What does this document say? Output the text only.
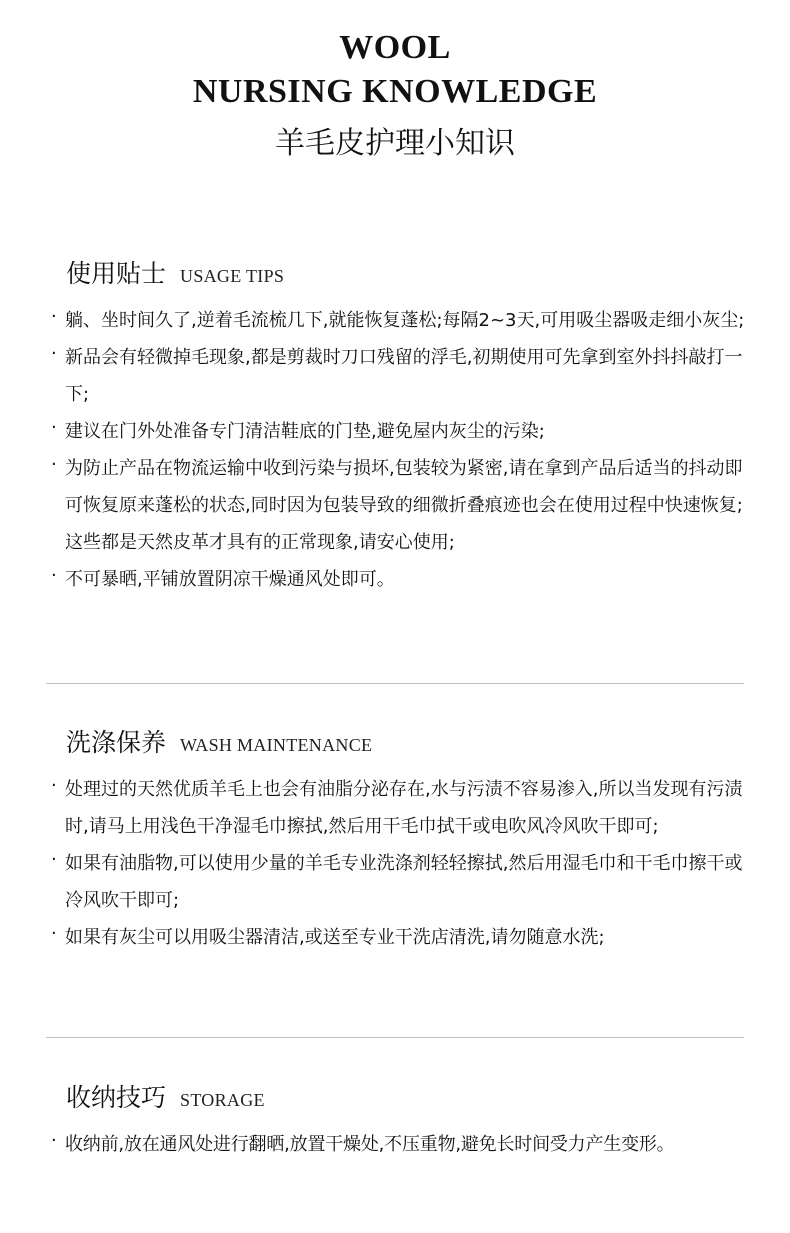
WOOL
NURSING KNOWLEDGE
羊毛皮护理小知识
使用贴士 USAGE TIPS
· 躺、坐时间久了,逆着毛流梳几下,就能恢复蓬松;每隔2~3天,可用吸尘器吸走细小灰尘;
· 新品会有轻微掉毛现象,都是剪裁时刀口残留的浮毛,初期使用可先拿到室外抖抖敲打一下;
· 建议在门外处准备专门清洁鞋底的门垫,避免屋内灰尘的污染;
· 为防止产品在物流运输中收到污染与损坏,包装较为紧密,请在拿到产品后适当的抖动即可恢复原来蓬松的状态,同时因为包装导致的细微折叠痕迹也会在使用过程中快速恢复;这些都是天然皮革才具有的正常现象,请安心使用;
· 不可暴晒,平铺放置阴凉干燥通风处即可。
洗涤保养 WASH MAINTENANCE
· 处理过的天然优质羊毛上也会有油脂分泌存在,水与污渍不容易渗入,所以当发现有污渍时,请马上用浅色干净湿毛巾擦拭,然后用干毛巾拭干或电吹风冷风吹干即可;
· 如果有油脂物,可以使用少量的羊毛专业洗涤剂轻轻擦拭,然后用湿毛巾和干毛巾擦干或冷风吹干即可;
· 如果有灰尘可以用吸尘器清洁,或送至专业干洗店清洗,请勿随意水洗;
收纳技巧 STORAGE
· 收纳前,放在通风处进行翻晒,放置干燥处,不压重物,避免长时间受力产生变形。
